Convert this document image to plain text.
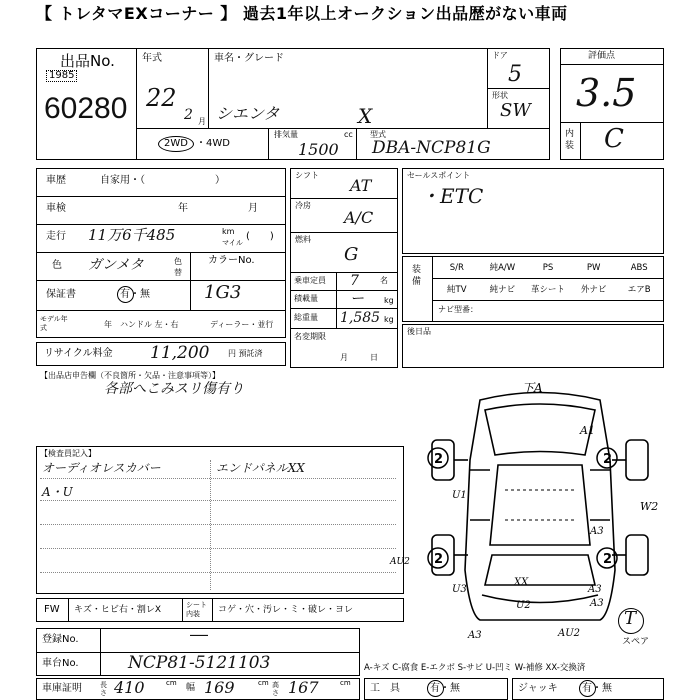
【 トレタマEXコーナー 】 過去1年以上オークション出品歴がない車両
出品No.
1985
60280
年式
22
2 月
車名・グレード
シエンタ	X
ドア
5
形状
SW
2WD ・4WD
排気量	cc
1500
型式
DBA-NCP81G
評価点
3.5
内装 C
車歴	自家用・（　　　　　　　）
車検	年	月
走行 11万6千485	km
マイル
(　　)
色 ガンメタ	色替
カラーNo.
1G3
保証書	有・無
モデル年式	年 ハンドル 左・右	ディーラー・並行
リサイクル料金 11,200 円 預託済
シフト
AT
冷房
A/C
燃料
G
乗車定員 7	名
積載量 ー	kg
総重量 1,585 kg
名変期限
月日
セールスポイント
・ETC
装備
S/R	純A/W	PS	PW	ABS
純TV	純ナビ	革シート	外ナビ	エアB
ナビ型番：
後日品
【出品店申告欄（不良箇所・欠品・注意事項等）】
各部へこみスリ傷有り
【検査員記入】
オーディオレスカバー	エンドパネルXX
A・U
下A
A1
2	2
U1
W2
A3
2	2
A3
U3
XX
U2
A3	AU2
AU2
A3
T
スペア
FW キズ・ヒビ右・割レX	シート内装	コゲ・穴・汚レ・ミ・破レ・ヨレ
登録No.	―
車台No.	NCP81-5121103	A-キズ C-腐食 E-エクボ S-サビ U-凹ミ W-補修 XX-交換済
車庫証明	長さ 410	cm 幅 169	cm 高さ 167	cm 工具 有・無	ジャッキ 有・無
